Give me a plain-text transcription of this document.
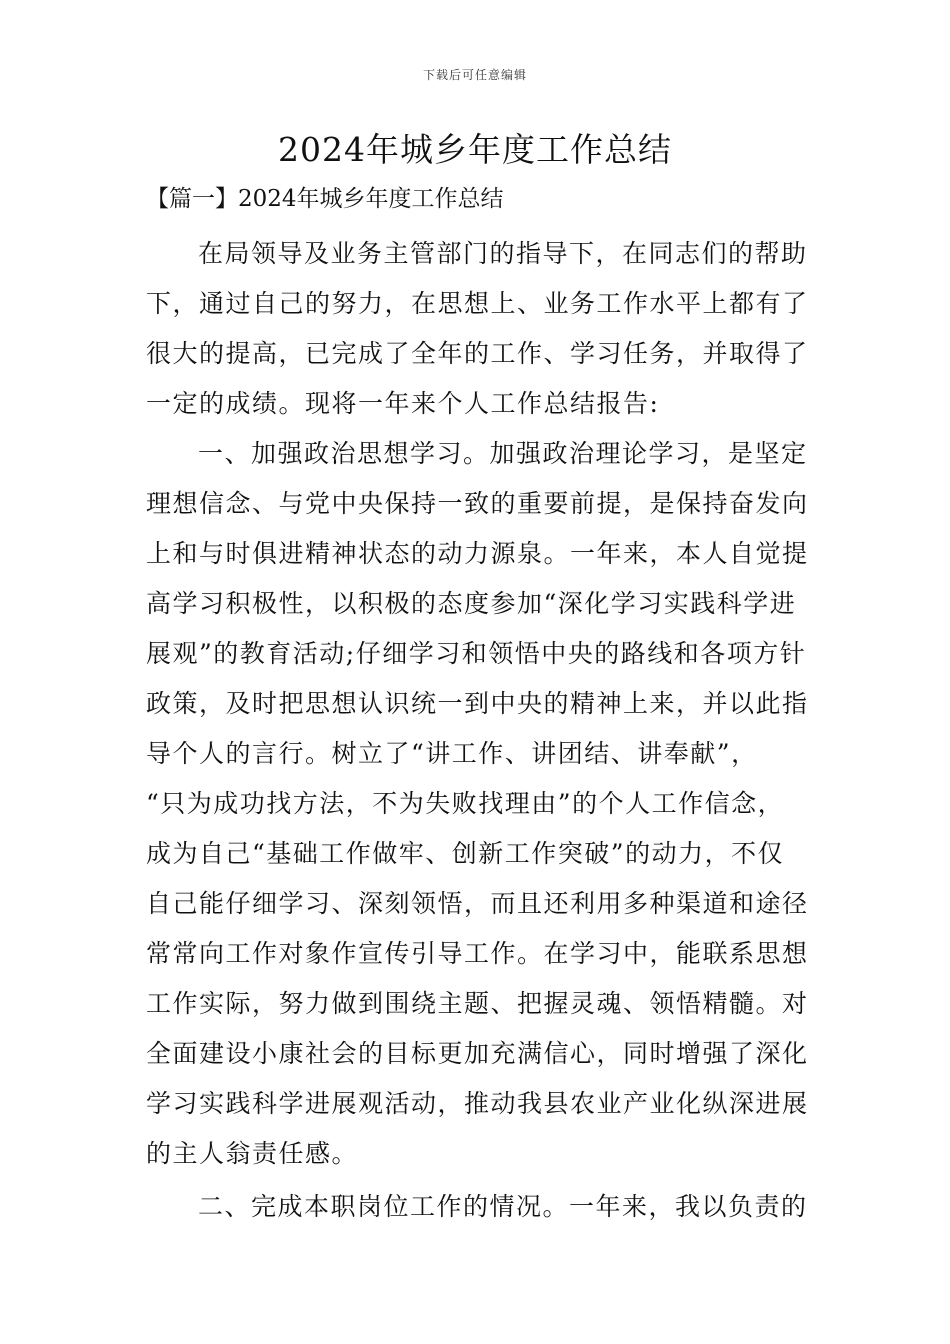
下载后可任意编辑
2024年城乡年度工作总结
【篇一】2024年城乡年度工作总结
在局领导及业务主管部门的指导下，在同志们的帮助
下，通过自己的努力，在思想上、业务工作水平上都有了
很大的提高，已完成了全年的工作、学习任务，并取得了
一定的成绩。现将一年来个人工作总结报告:
一、加强政治思想学习。加强政治理论学习，是坚定
理想信念、与党中央保持一致的重要前提，是保持奋发向
上和与时俱进精神状态的动力源泉。一年来，本人自觉提
高学习积极性，以积极的态度参加“深化学习实践科学进
展观”的教育活动;仔细学习和领悟中央的路线和各项方针
政策，及时把思想认识统一到中央的精神上来，并以此指
导个人的言行。树立了“讲工作、讲团结、讲奉献”，
“只为成功找方法，不为失败找理由”的个人工作信念，
成为自己“基础工作做牢、创新工作突破”的动力，不仅
自己能仔细学习、深刻领悟，而且还利用多种渠道和途径
常常向工作对象作宣传引导工作。在学习中，能联系思想
工作实际，努力做到围绕主题、把握灵魂、领悟精髓。对
全面建设小康社会的目标更加充满信心，同时增强了深化
学习实践科学进展观活动，推动我县农业产业化纵深进展
的主人翁责任感。
二、完成本职岗位工作的情况。一年来，我以负责的
